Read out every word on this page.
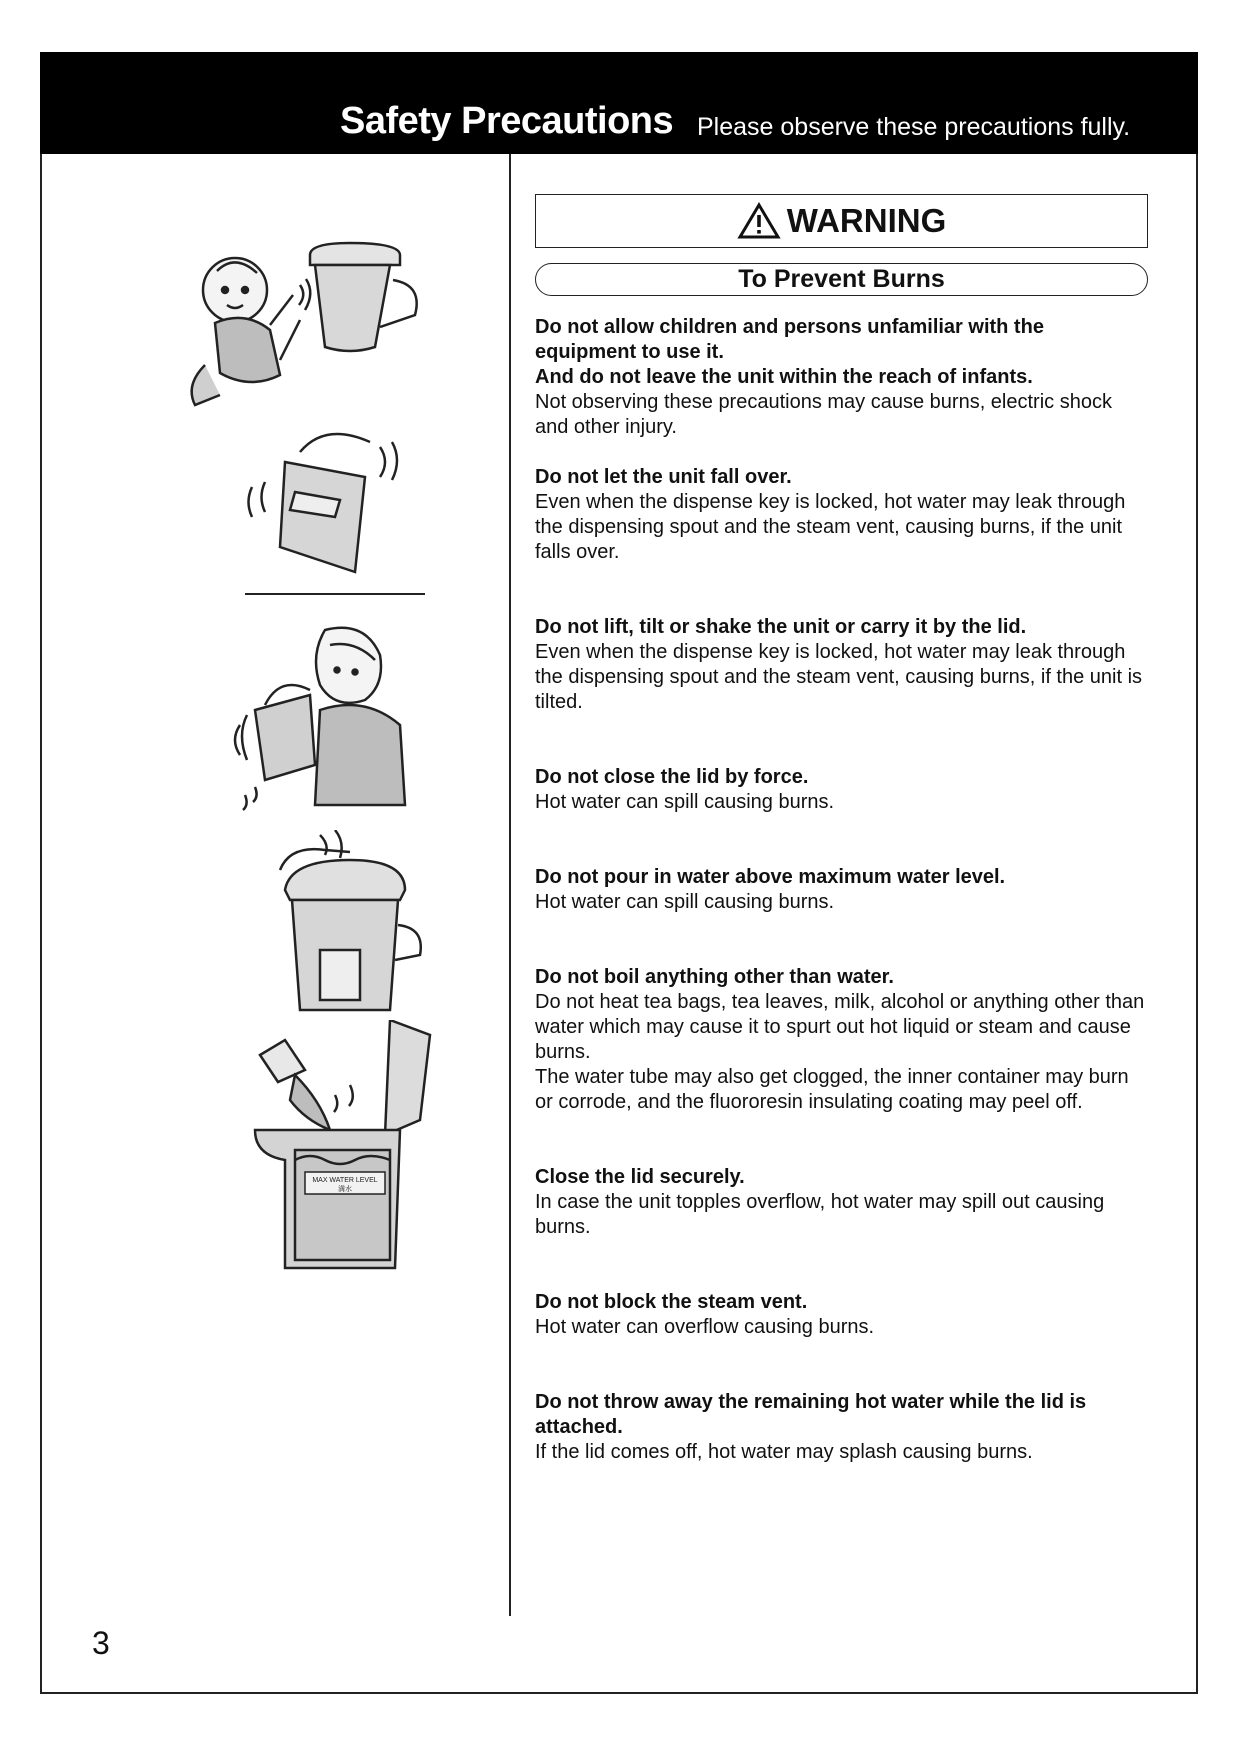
Safety Precautions Please observe these precautions fully.
MAX WATER LEVEL
満水
WARNING
To Prevent Burns
Do not allow children and persons unfamiliar with the equipment to use it.
And do not leave the unit within the reach of infants.
Not observing these precautions may cause burns, electric shock and other injury.
Do not let the unit fall over.
Even when the dispense key is locked, hot water may leak through the dispensing spout and the steam vent, causing burns, if the unit falls over.
Do not lift, tilt or shake the unit or carry it by the lid.
Even when the dispense key is locked, hot water may leak through the dispensing spout and the steam vent, causing burns, if the unit is tilted.
Do not close the lid by force.
Hot water can spill causing burns.
Do not pour in water above maximum water level.
Hot water can spill causing burns.
Do not boil anything other than water.
Do not heat tea bags, tea leaves, milk, alcohol or anything other than water which may cause it to spurt out hot liquid or steam and cause burns.
The water tube may also get clogged, the inner container may burn or corrode, and the fluororesin insulating coating may peel off.
Close the lid securely.
In case the unit topples overflow, hot water may spill out causing burns.
Do not block the steam vent.
Hot water can overflow causing burns.
Do not throw away the remaining hot water while the lid is attached.
If the lid comes off, hot water may splash causing burns.
3
